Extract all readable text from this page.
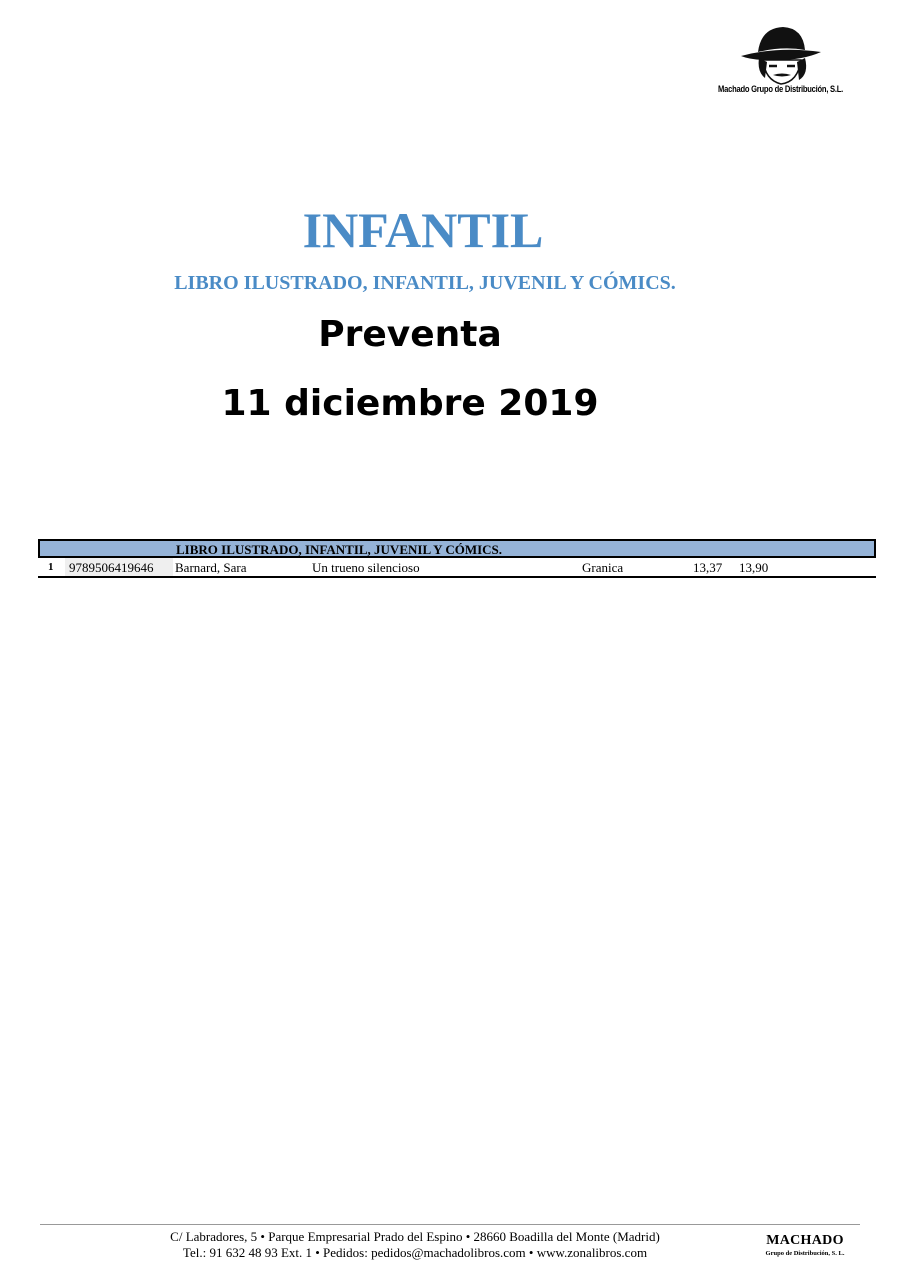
Machado Grupo de Distribución, S.L.
INFANTIL
LIBRO ILUSTRADO, INFANTIL, JUVENIL Y CÓMICS.
Preventa
11 diciembre 2019
LIBRO ILUSTRADO, INFANTIL, JUVENIL Y CÓMICS.
1	9789506419646	Barnard, Sara	Un trueno silencioso	Granica	13,37 13,90
C/ Labradores, 5 • Parque Empresarial Prado del Espino • 28660 Boadilla del Monte (Madrid)
Tel.: 91 632 48 93 Ext. 1 • Pedidos: pedidos@machadolibros.com • www.zonalibros.com
MACHADO
Grupo de Distribución, S. L.
